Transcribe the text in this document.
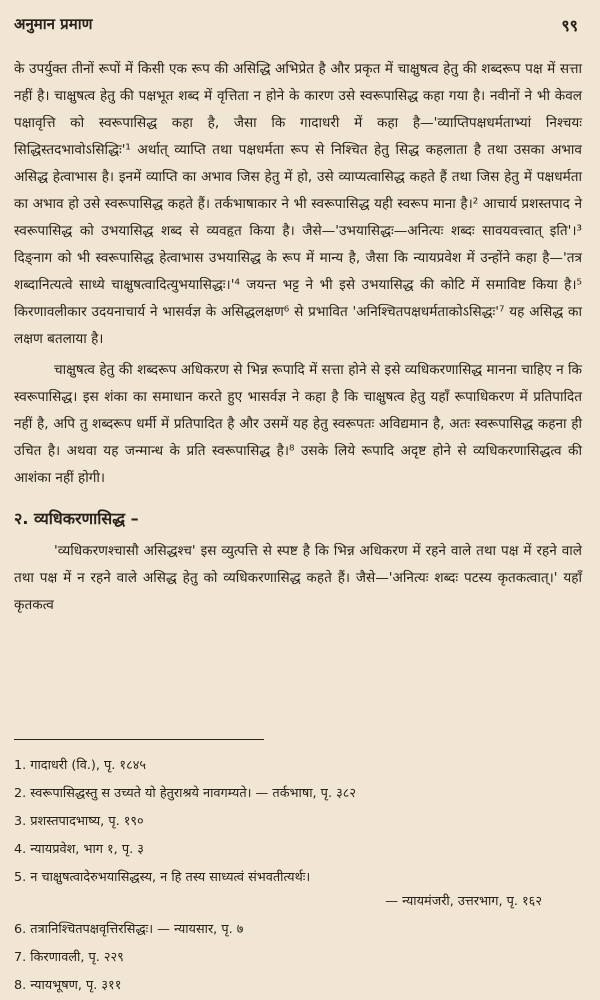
अनुमान प्रमाण	९९

के उपर्युक्त तीनों रूपों में किसी एक रूप की असिद्धि अभिप्रेत है और प्रकृत में चाक्षुषत्व हेतु की शब्दरूप पक्ष में सत्ता नहीं है। चाक्षुषत्व हेतु की पक्षभूत शब्द में वृत्तिता न होने के कारण उसे स्वरूपासिद्ध कहा गया है। नवीनों ने भी केवल पक्षावृत्ति को स्वरूपासिद्ध कहा है, जैसा कि गादाधरी में कहा है—'व्याप्तिपक्षधर्मताभ्यां निश्चयः सिद्धिस्तदभावोऽसिद्धिः'¹ अर्थात् व्याप्ति तथा पक्षधर्मता रूप से निश्चित हेतु सिद्ध कहलाता है तथा उसका अभाव असिद्ध हेत्वाभास है। इनमें व्याप्ति का अभाव जिस हेतु में हो, उसे व्याप्यत्वासिद्ध कहते हैं तथा जिस हेतु में पक्षधर्मता का अभाव हो उसे स्वरूपासिद्ध कहते हैं। तर्कभाषाकार ने भी स्वरूपासिद्ध यही स्वरूप माना है।² आचार्य प्रशस्तपाद ने स्वरूपासिद्ध को उभयासिद्ध शब्द से व्यवहृत किया है। जैसे—'उभयासिद्धः—अनित्यः शब्दः सावयवत्त्वात् इति'।³ दिङ्नाग को भी स्वरूपासिद्ध हेत्वाभास उभयासिद्ध के रूप में मान्य है, जैसा कि न्यायप्रवेश में उन्होंने कहा है—'तत्र शब्दानित्यत्वे साध्ये चाक्षुषत्वादित्युभयासिद्धः।'⁴ जयन्त भट्ट ने भी इसे उभयासिद्ध की कोटि में समाविष्ट किया है।⁵ किरणावलीकार उदयनाचार्य ने भासर्वज्ञ के असिद्धलक्षण⁶ से प्रभावित 'अनिश्चितपक्षधर्मताकोऽसिद्धः'⁷ यह असिद्ध का लक्षण बतलाया है।

चाक्षुषत्व हेतु की शब्दरूप अधिकरण से भिन्न रूपादि में सत्ता होने से इसे व्यधिकरणासिद्ध मानना चाहिए न कि स्वरूपासिद्ध। इस शंका का समाधान करते हुए भासर्वज्ञ ने कहा है कि चाक्षुषत्व हेतु यहाँ रूपाधिकरण में प्रतिपादित नहीं है, अपि तु शब्दरूप धर्मी में प्रतिपादित है और उसमें यह हेतु स्वरूपतः अविद्यमान है, अतः स्वरूपासिद्ध कहना ही उचित है। अथवा यह जन्मान्ध के प्रति स्वरूपासिद्ध है।⁸ उसके लिये रूपादि अदृष्ट होने से व्यधिकरणासिद्धत्व की आशंका नहीं होगी।

२. व्यधिकरणासिद्ध –

'व्यधिकरणश्चासौ असिद्धश्च' इस व्युत्पत्ति से स्पष्ट है कि भिन्न अधिकरण में रहने वाले तथा पक्ष में रहने वाले तथा पक्ष में न रहने वाले असिद्ध हेतु को व्यधिकरणासिद्ध कहते हैं। जैसे—'अनित्यः शब्दः पटस्य कृतकत्वात्।' यहाँ कृतकत्व

1. गादाधरी (वि.), पृ. १८४५
2. स्वरूपासिद्धस्तु स उच्यते यो हेतुराश्रये नावगम्यते। — तर्कभाषा, पृ. ३८२
3. प्रशस्तपादभाष्य, पृ. १९०
4. न्यायप्रवेश, भाग १, पृ. ३
5. न चाक्षुषत्वादेरुभयासिद्धस्य, न हि तस्य साध्यत्वं संभवतीत्यर्थः।
— न्यायमंजरी, उत्तरभाग, पृ. १६२
6. तत्रानिश्चितपक्षवृत्तिरसिद्धः। — न्यायसार, पृ. ७
7. किरणावली, पृ. २२९
8. न्यायभूषण, पृ. ३११
